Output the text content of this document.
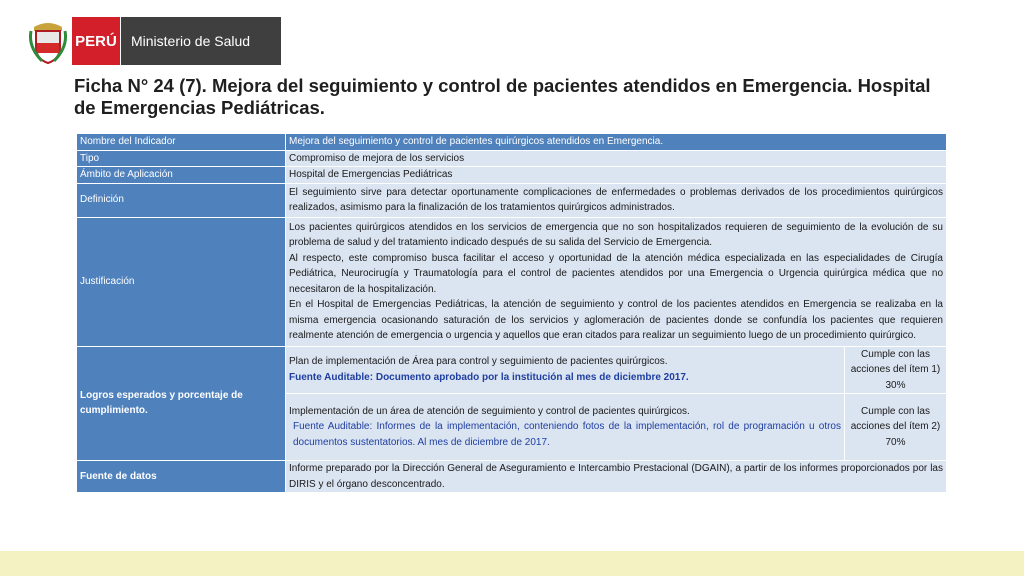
PERÚ	Ministerio de Salud
Ficha N° 24 (7). Mejora del seguimiento y control de pacientes atendidos en Emergencia. Hospital de Emergencias Pediátricas.
Nombre del Indicador	Mejora del seguimiento y control de pacientes quirúrgicos atendidos en Emergencia.	
Tipo	Compromiso de mejora de los servicios	
Ámbito de Aplicación	Hospital de Emergencias Pediátricas	
Definición	El seguimiento sirve para detectar oportunamente complicaciones de enfermedades o problemas derivados de los procedimientos quirúrgicos realizados, asimismo para la finalización de los tratamientos quirúrgicos administrados.	
Justificación	Los pacientes quirúrgicos atendidos en los servicios de emergencia que no son hospitalizados requieren de seguimiento de la evolución de su problema de salud y del tratamiento indicado después de su salida del Servicio de Emergencia.
Al respecto, este compromiso busca facilitar el acceso y oportunidad de la atención médica especializada en las especialidades de Cirugía Pediátrica, Neurocirugía y Traumatología para el control de pacientes atendidos por una Emergencia o Urgencia quirúrgica médica que no necesitaron de la hospitalización.
En el Hospital de Emergencias Pediátricas, la atención de seguimiento y control de los pacientes atendidos en Emergencia se realizaba en la misma emergencia ocasionando saturación de los servicios y aglomeración de pacientes donde se confundía los pacientes que requieren realmente atención de emergencia o urgencia y aquellos que eran citados para realizar un seguimiento luego de un procedimiento quirúrgico.	

Logros esperados y porcentaje de cumplimiento.	Plan de implementación de Área para control y seguimiento de pacientes quirúrgicos.
Fuente Auditable: Documento aprobado por la institución al mes de diciembre 2017.	Cumple con las acciones del ítem 1) 30%

	Implementación de un área de atención de seguimiento y control de pacientes quirúrgicos.
Fuente Auditable: Informes de la implementación, conteniendo fotos de la implementación, rol de programación u otros documentos sustentatorios. Al mes de diciembre de 2017.	Cumple con las acciones del ítem 2) 70%
Fuente de datos	Informe preparado por la Dirección General de Aseguramiento e Intercambio Prestacional (DGAIN), a partir de los informes proporcionados por las DIRIS y el órgano desconcentrado.	
